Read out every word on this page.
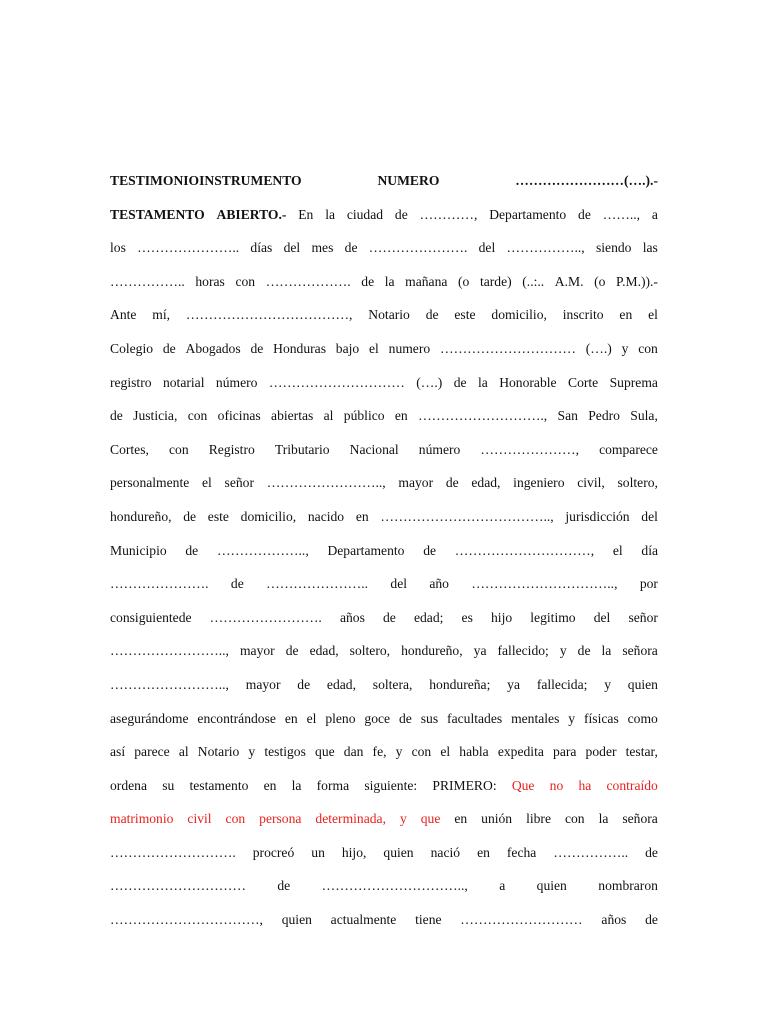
TESTIMONIOINSTRUMENTO	NUMERO	……………………(….).-
TESTAMENTO ABIERTO.- En la ciudad de …………, Departamento de …….., a
los ………………….. días del mes de …………………. del …………….., siendo las
…………….. horas con ………………. de la mañana (o tarde) (..:.. A.M. (o P.M.)).-
Ante mí, ………………………………, Notario de este domicilio, inscrito en el
Colegio de Abogados de Honduras bajo el numero ………………………… (….) y con
registro notarial número ………………………… (….) de la Honorable Corte Suprema
de Justicia, con oficinas abiertas al público en ………………………., San Pedro Sula,
Cortes, con Registro Tributario Nacional número …………………, comparece
personalmente el señor …………………….., mayor de edad, ingeniero civil, soltero,
hondureño, de este domicilio, nacido en ……………………………….., jurisdicción del
Municipio de ……………….., Departamento de …………………………, el día
…………………. de ………………….. del año ………………………….., por
consiguientede ……………………. años de edad; es hijo legitimo del señor
…………………….., mayor de edad, soltero, hondureño, ya fallecido; y de la señora
…………………….., mayor de edad, soltera, hondureña; ya fallecida; y quien
asegurándome encontrándose en el pleno goce de sus facultades mentales y físicas como
así parece al Notario y testigos que dan fe, y con el habla expedita para poder testar,
ordena su testamento en la forma siguiente: PRIMERO: Que no ha contraído
matrimonio civil con persona determinada, y que en unión libre con la señora
………………………. procreó un hijo, quien nació en fecha …………….. de
………………………… de ………………………….., a quien nombraron
……………………………, quien actualmente tiene ……………………… años de
